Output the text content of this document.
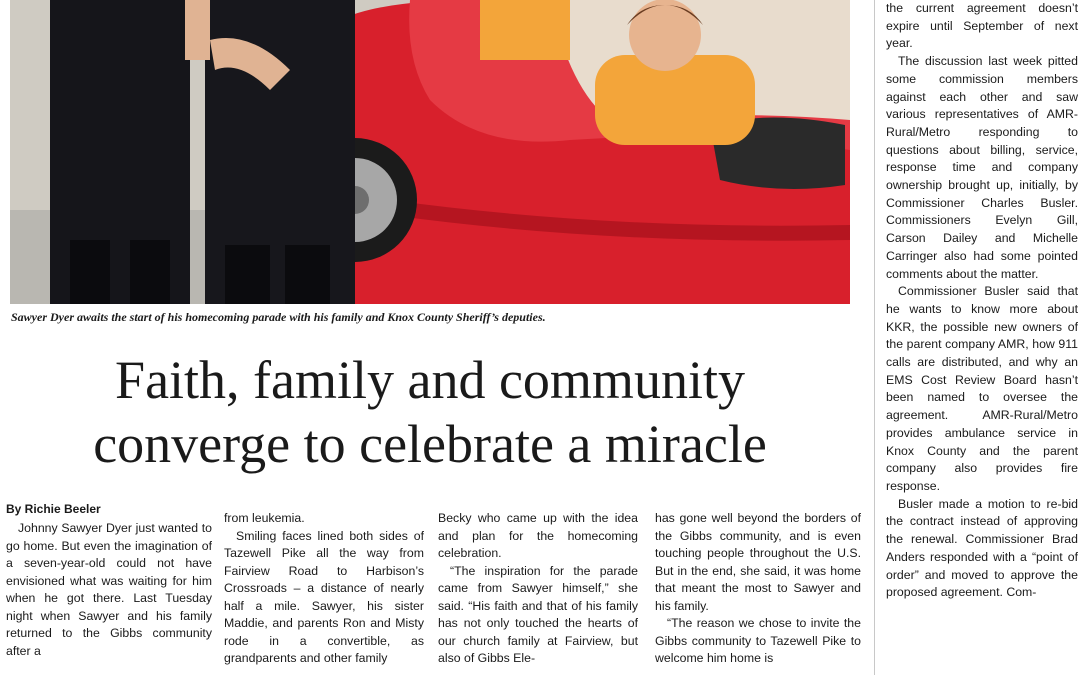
Sawyer Dyer awaits the start of his homecoming parade with his family and Knox County Sheriff’s deputies.
Faith, family and community
converge to celebrate a miracle
By Richie Beeler

Johnny Sawyer Dyer just wanted to go home. But even the imagination of a seven-year-old could not have envisioned what was waiting for him when he got there. Last Tuesday night when Sawyer and his family returned to the Gibbs community after a

from leukemia.

Smiling faces lined both sides of Tazewell Pike all the way from Fairview Road to Harbison’s Crossroads – a distance of nearly half a mile. Sawyer, his sister Maddie, and parents Ron and Misty rode in a convertible, as grandparents and other family

Becky who came up with the idea and plan for the homecoming celebration.

“The inspiration for the parade came from Sawyer himself,” she said. “His faith and that of his family has not only touched the hearts of our church family at Fairview, but also of Gibbs Ele-

has gone well beyond the borders of the Gibbs community, and is even touching people throughout the U.S. But in the end, she said, it was home that meant the most to Sawyer and his family.

“The reason we chose to invite the Gibbs community to Tazewell Pike to welcome him home is

the current agreement doesn’t expire until September of next year.

The discussion last week pitted some commission members against each other and saw various representatives of AMR-Rural/Metro responding to questions about billing, service, response time and company ownership brought up, initially, by Commissioner Charles Busler. Commissioners Evelyn Gill, Carson Dailey and Michelle Carringer also had some pointed comments about the matter.

Commissioner Busler said that he wants to know more about KKR, the possible new owners of the parent company AMR, how 911 calls are distributed, and why an EMS Cost Review Board hasn’t been named to oversee the agreement. AMR-Rural/Metro provides ambulance service in Knox County and the parent company also provides fire response.

Busler made a motion to re-bid the contract instead of approving the renewal. Commissioner Brad Anders responded with a “point of order” and moved to approve the proposed agreement. Com-
